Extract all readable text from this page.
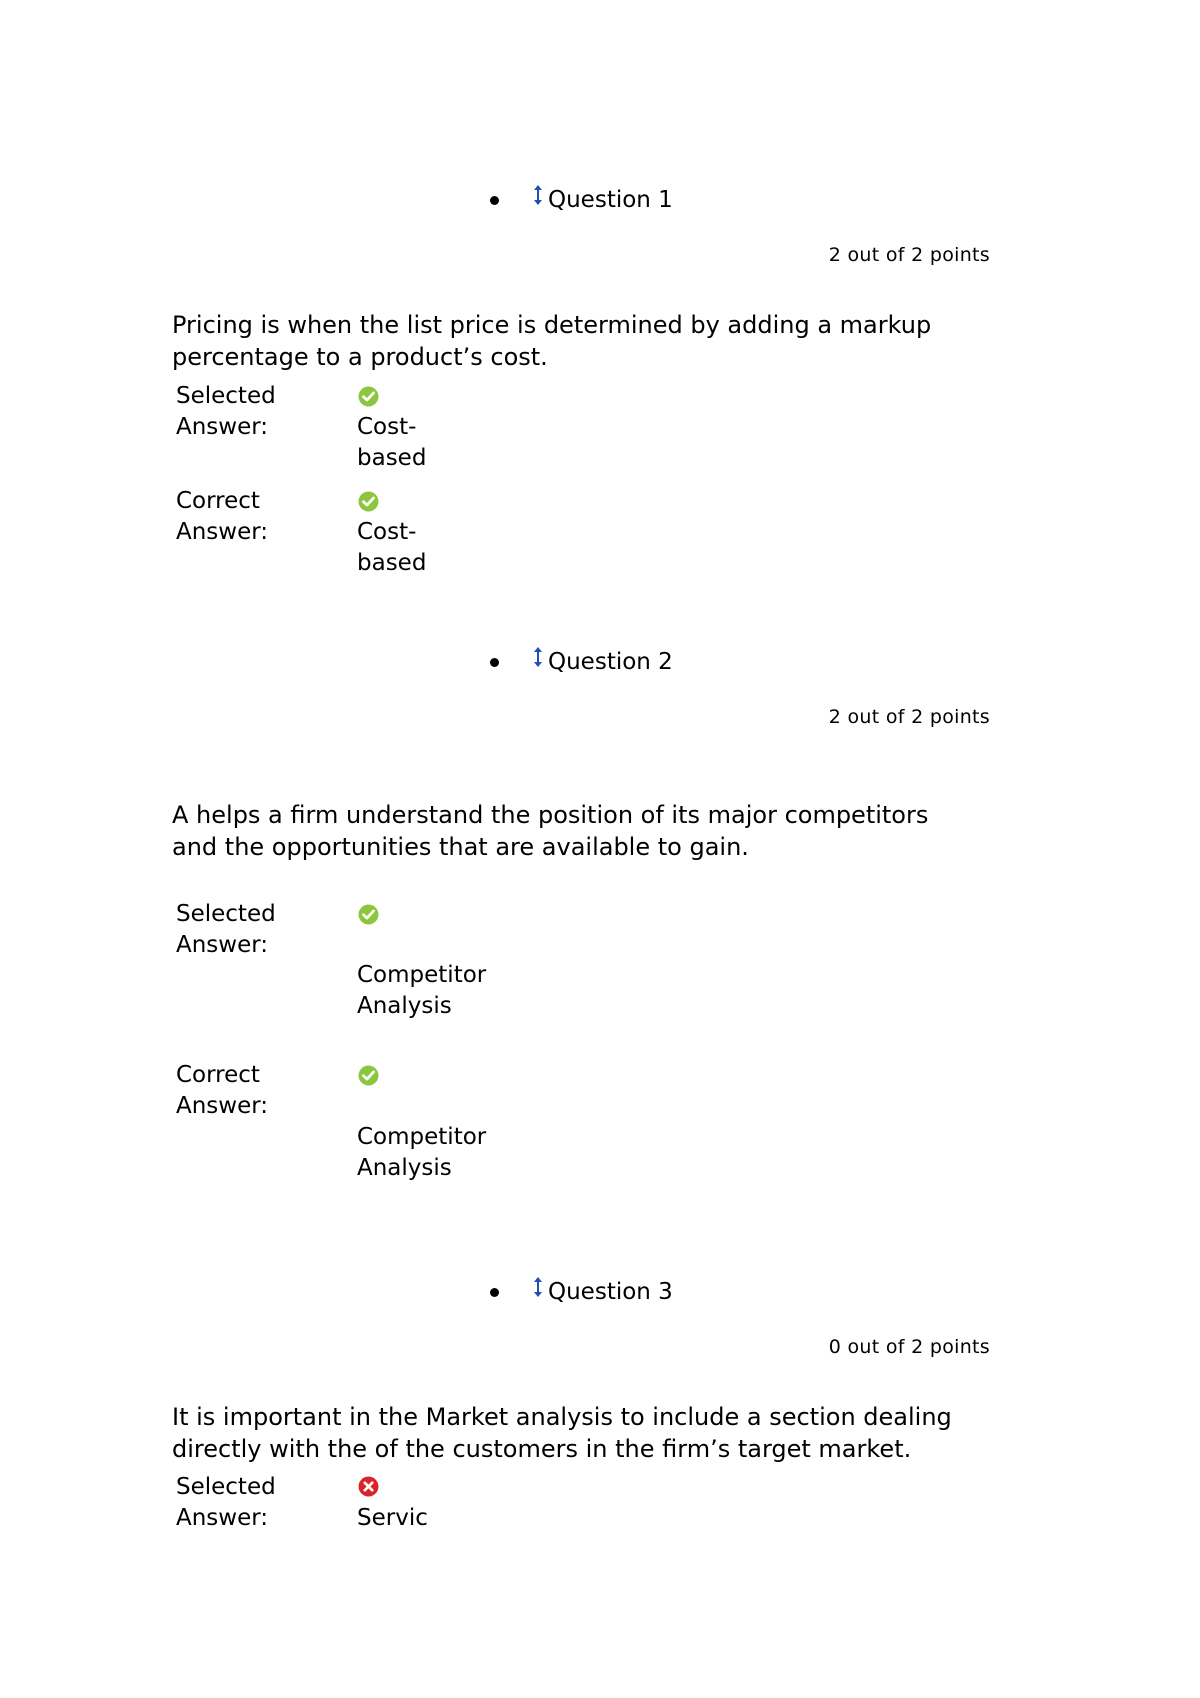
Question 1
2 out of 2 points
Pricing is when the list price is determined by adding a markup percentage to a product’s cost.
Selected Answer:	Cost-based
Correct Answer:	Cost-based
Question 2
2 out of 2 points
A helps a firm understand the position of its major competitors and the opportunities that are available to gain.
Selected Answer:
Competitor Analysis
Correct Answer:
Competitor Analysis
Question 3
0 out of 2 points
It is important in the Market analysis to include a section dealing directly with the of the customers in the firm’s target market.
Selected Answer:	Servic
